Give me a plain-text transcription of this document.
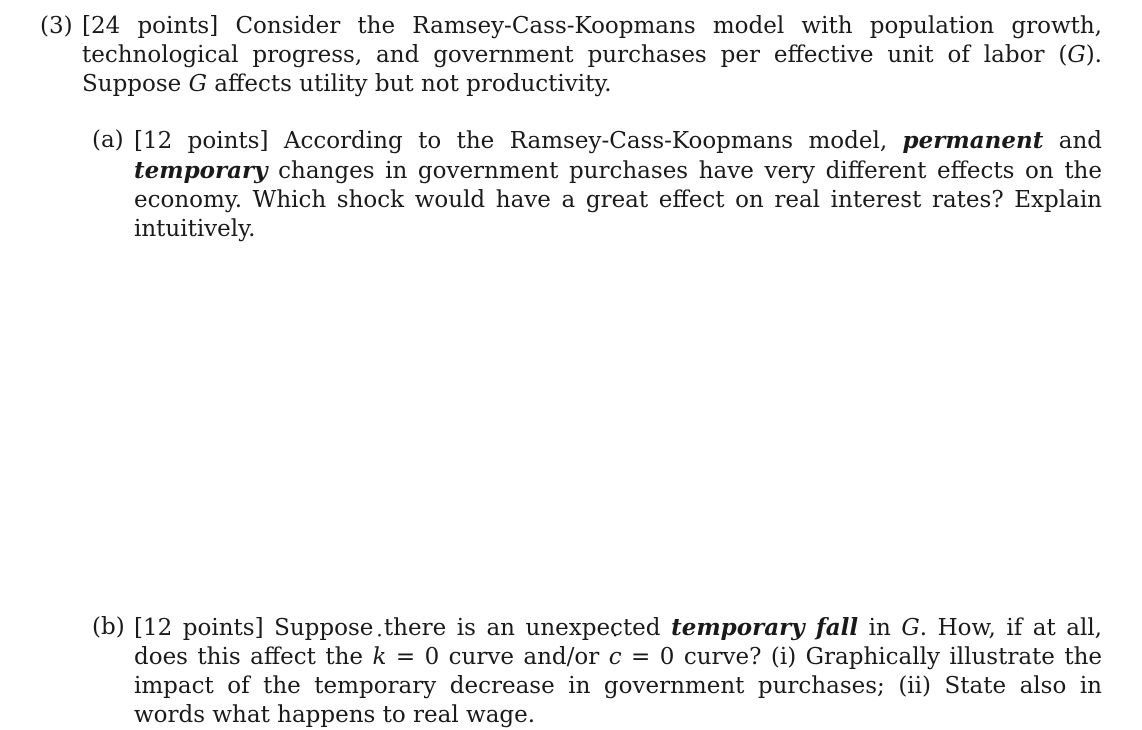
(3) [24 points] Consider the Ramsey-Cass-Koopmans model with population growth, technological progress, and government purchases per effective unit of labor (G). Suppose G affects utility but not productivity.
(a) [12 points] According to the Ramsey-Cass-Koopmans model, permanent and temporary changes in government purchases have very different effects on the economy. Which shock would have a great effect on real interest rates? Explain intuitively.
(b) [12 points] Suppose there is an unexpected temporary fall in G. How, if at all, does this affect the ˙ k = 0 curve and/or ˙ c = 0 curve? (i) Graphically illustrate the impact of the temporary decrease in government purchases; (ii) State also in words what happens to real wage.
